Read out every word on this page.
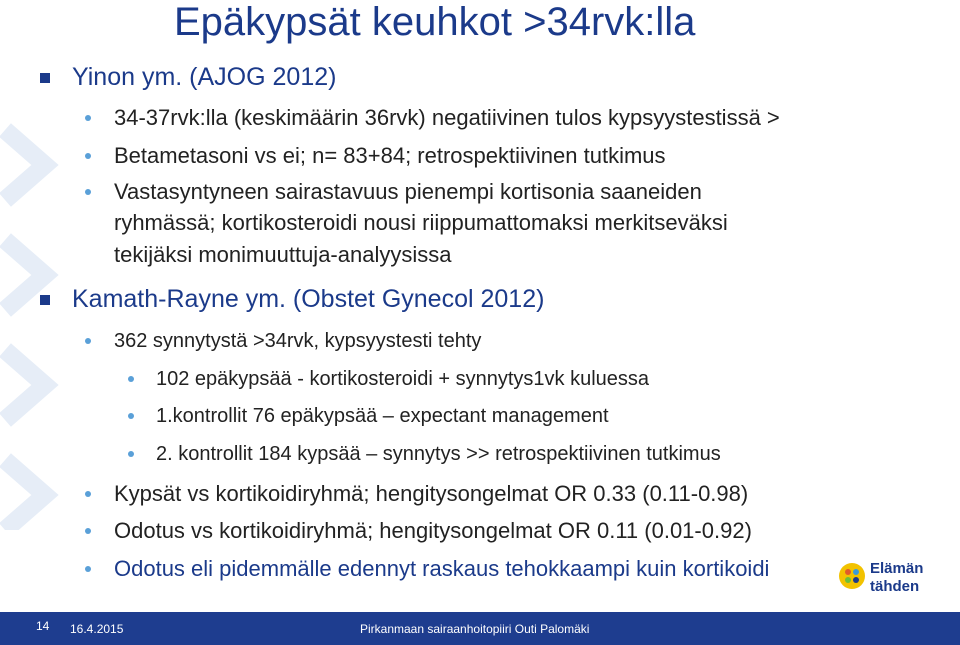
Epäkypsät keuhkot >34rvk:lla
Yinon ym. (AJOG 2012)
34-37rvk:lla (keskimäärin 36rvk) negatiivinen tulos kypsyystestissä >
Betametasoni vs ei; n= 83+84; retrospektiivinen tutkimus
Vastasyntyneen sairastavuus pienempi kortisonia saaneiden
ryhmässä; kortikosteroidi nousi riippumattomaksi merkitseväksi
tekijäksi monimuuttuja-analyysissa
Kamath-Rayne ym. (Obstet Gynecol 2012)
362 synnytystä >34rvk, kypsyystesti tehty
102 epäkypsää - kortikosteroidi + synnytys1vk kuluessa
1.kontrollit 76 epäkypsää – expectant management
2. kontrollit 184 kypsää – synnytys >> retrospektiivinen tutkimus
Kypsät vs kortikoidiryhmä; hengitysongelmat OR 0.33 (0.11-0.98)
Odotus vs kortikoidiryhmä; hengitysongelmat OR 0.11 (0.01-0.92)
Odotus eli pidemmälle edennyt raskaus tehokkaampi kuin kortikoidi	Elämän
tähden
14 16.4.2015	Pirkanmaan sairaanhoitopiiri Outi Palomäki
